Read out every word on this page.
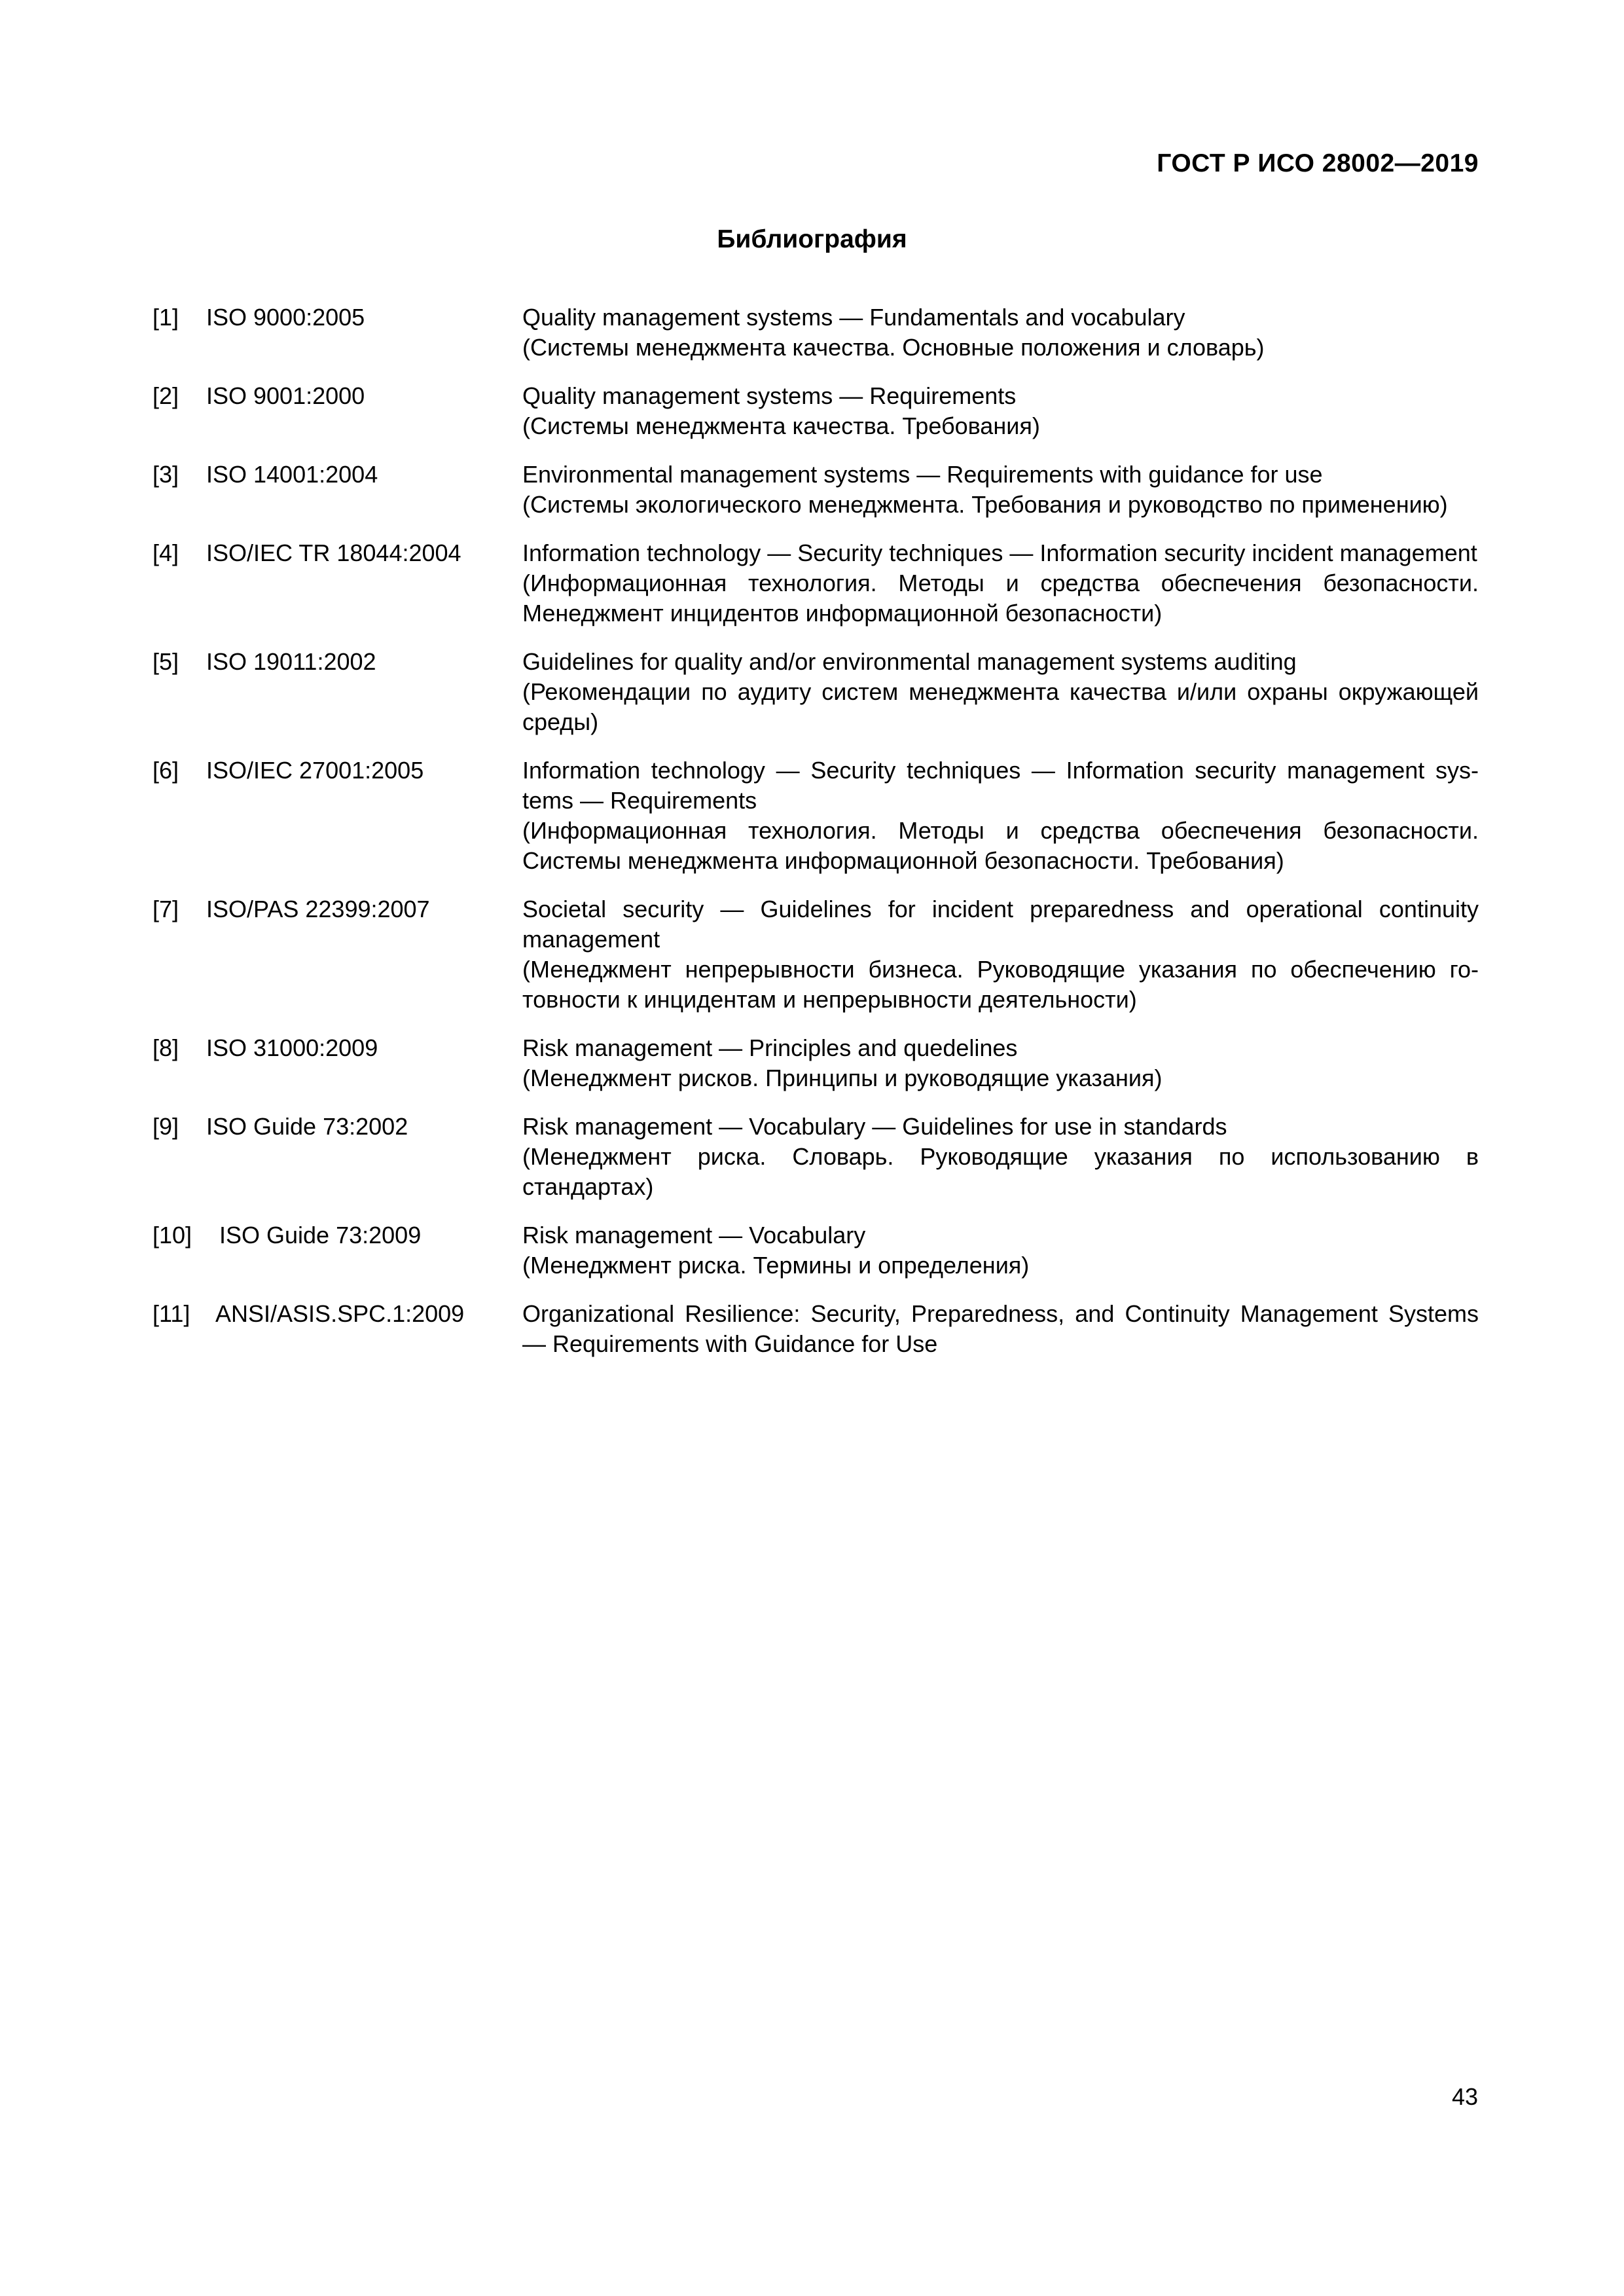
ГОСТ Р ИСО 28002—2019
Библиография
[1] ISO 9000:2005	Quality management systems — Fundamentals and vocabulary

(Системы менеджмента качества. Основные положения и словарь)

[2] ISO 9001:2000	Quality management systems — Requirements

(Системы менеджмента качества. Требования)

[3] ISO 14001:2004	Environmental management systems — Requirements with guidance for use

(Системы экологического менеджмента. Требования и руководство по применению)

[4] ISO/IEC TR 18044:2004	Information technology — Security techniques — Information security incident management

(Информационная технология. Методы и средства обеспечения безопасности. Менеджмент инцидентов информационной безопасности)

[5] ISO 19011:2002	Guidelines for quality and/or environmental management systems auditing

(Рекомендации по аудиту систем менеджмента качества и/или охраны окружающей среды)

[6] ISO/IEC 27001:2005	Information technology — Security techniques — Information security management systems — Requirements

(Информационная технология. Методы и средства обеспечения безопасности. Системы менеджмента информационной безопасности. Требования)

[7] ISO/PAS 22399:2007	Societal security — Guidelines for incident preparedness and operational continuity management

(Менеджмент непрерывности бизнеса. Руководящие указания по обеспечению готовности к инцидентам и непрерывности деятельности)

[8] ISO 31000:2009	Risk management — Principles and quedelines

(Менеджмент рисков. Принципы и руководящие указания)

[9] ISO Guide 73:2002	Risk management — Vocabulary — Guidelines for use in standards

(Менеджмент риска. Словарь. Руководящие указания по использованию в стандартах)

[10] ISO Guide 73:2009	Risk management — Vocabulary

(Менеджмент риска. Термины и определения)

[11] ANSI/ASIS.SPC.1:2009 Organizational Resilience: Security, Preparedness, and Continuity Management Systems — Requirements with Guidance for Use

43
